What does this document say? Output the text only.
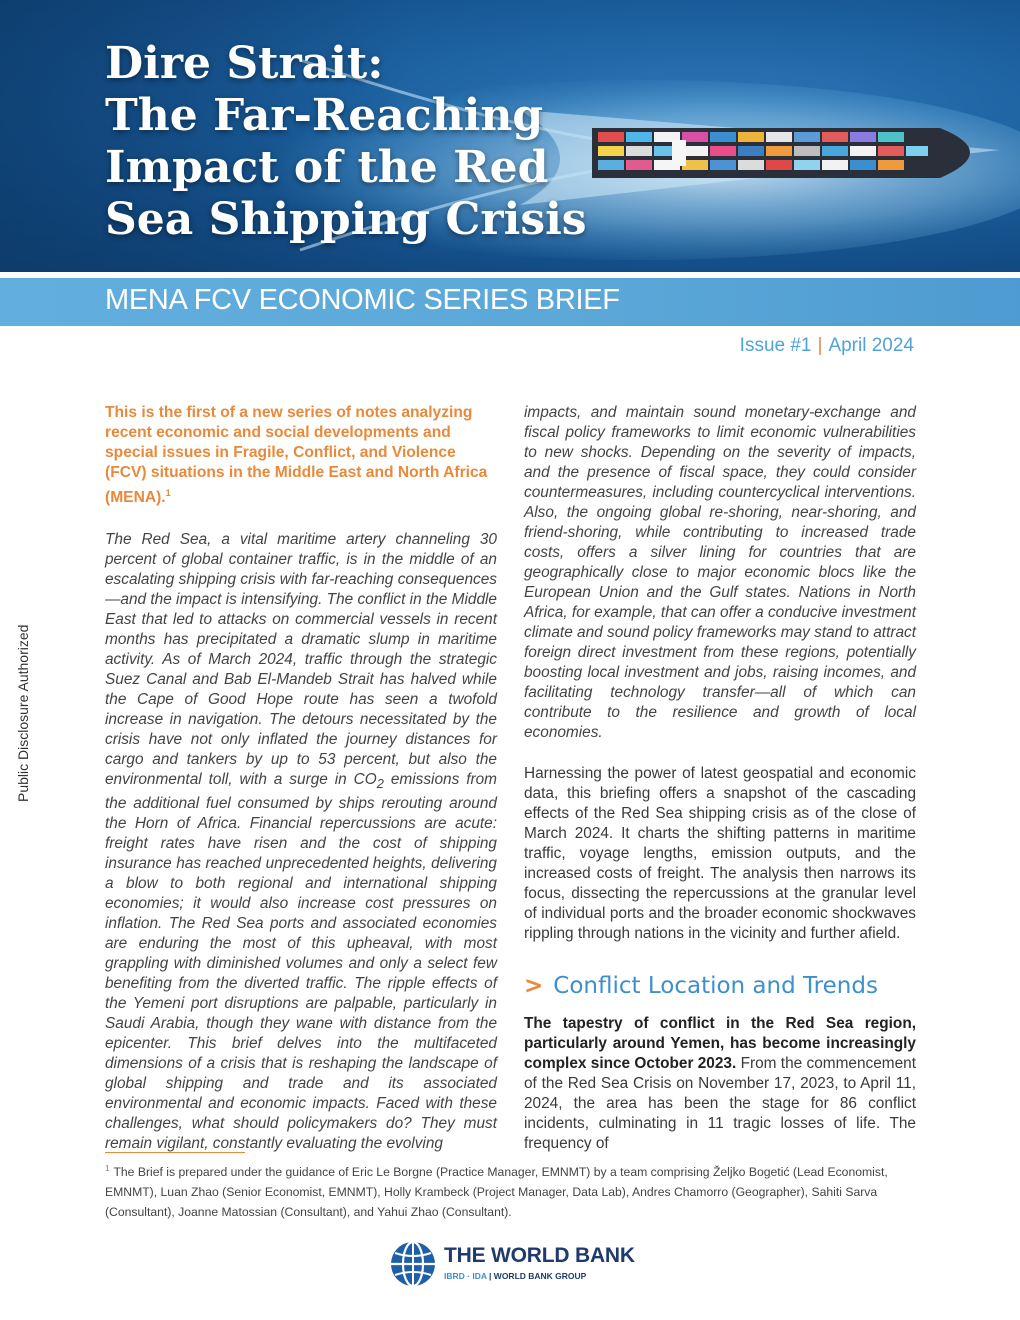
Public Disclosure Authorized
Dire Strait:
The Far-Reaching
Impact of the Red
Sea Shipping Crisis
MENA FCV ECONOMIC SERIES BRIEF
Issue #1 | April 2024

This is the first of a new series of notes analyzing recent economic and social developments and special issues in Fragile, Conflict, and Violence (FCV) situations in the Middle East and North Africa (MENA).$^1$

The Red Sea, a vital maritime artery channeling 30 percent of global container traffic, is in the middle of an escalating shipping crisis with far-reaching consequences—and the impact is intensifying. The conflict in the Middle East that led to attacks on commercial vessels in recent months has precipitated a dramatic slump in maritime activity. As of March 2024, traffic through the strategic Suez Canal and Bab El-Mandeb Strait has halved while the Cape of Good Hope route has seen a twofold increase in navigation. The detours necessitated by the crisis have not only inflated the journey distances for cargo and tankers by up to 53 percent, but also the environmental toll, with a surge in $CO_2$ emissions from the additional fuel consumed by ships rerouting around the Horn of Africa. Financial repercussions are acute: freight rates have risen and the cost of shipping insurance has reached unprecedented heights, delivering a blow to both regional and international shipping economies; it would also increase cost pressures on inflation. The Red Sea ports and associated economies are enduring the most of this upheaval, with most grappling with diminished volumes and only a select few benefiting from the diverted traffic. The ripple effects of the Yemeni port disruptions are palpable, particularly in Saudi Arabia, though they wane with distance from the epicenter. This brief delves into the multifaceted dimensions of a crisis that is reshaping the landscape of global shipping and trade and its associated environmental and economic impacts. Faced with these challenges, what should policymakers do? They must remain vigilant, constantly evaluating the evolving

impacts, and maintain sound monetary-exchange and fiscal policy frameworks to limit economic vulnerabilities to new shocks. Depending on the severity of impacts, and the presence of fiscal space, they could consider countermeasures, including countercyclical interventions. Also, the ongoing global re-shoring, near-shoring, and friend-shoring, while contributing to increased trade costs, offers a silver lining for countries that are geographically close to major economic blocs like the European Union and the Gulf states. Nations in North Africa, for example, that can offer a conducive investment climate and sound policy frameworks may stand to attract foreign direct investment from these regions, potentially boosting local investment and jobs, raising incomes, and facilitating technology transfer—all of which can contribute to the resilience and growth of local economies.

Harnessing the power of latest geospatial and economic data, this briefing offers a snapshot of the cascading effects of the Red Sea shipping crisis as of the close of March 2024. It charts the shifting patterns in maritime traffic, voyage lengths, emission outputs, and the increased costs of freight. The analysis then narrows its focus, dissecting the repercussions at the granular level of individual ports and the broader economic shockwaves rippling through nations in the vicinity and further afield.

> Conflict Location and Trends

The tapestry of conflict in the Red Sea region, particularly around Yemen, has become increasingly complex since October 2023. From the commencement of the Red Sea Crisis on November 17, 2023, to April 11, 2024, the area has been the stage for 86 conflict incidents, culminating in 11 tragic losses of life. The frequency of

$^1$ The Brief is prepared under the guidance of Eric Le Borgne (Practice Manager, EMNMT) by a team comprising Željko Bogetić (Lead Economist, EMNMT), Luan Zhao (Senior Economist, EMNMT), Holly Krambeck (Project Manager, Data Lab), Andres Chamorro (Geographer), Sahiti Sarva (Consultant), Joanne Matossian (Consultant), and Yahui Zhao (Consultant).
THE WORLD BANK
IBRD · IDA | WORLD BANK GROUP
